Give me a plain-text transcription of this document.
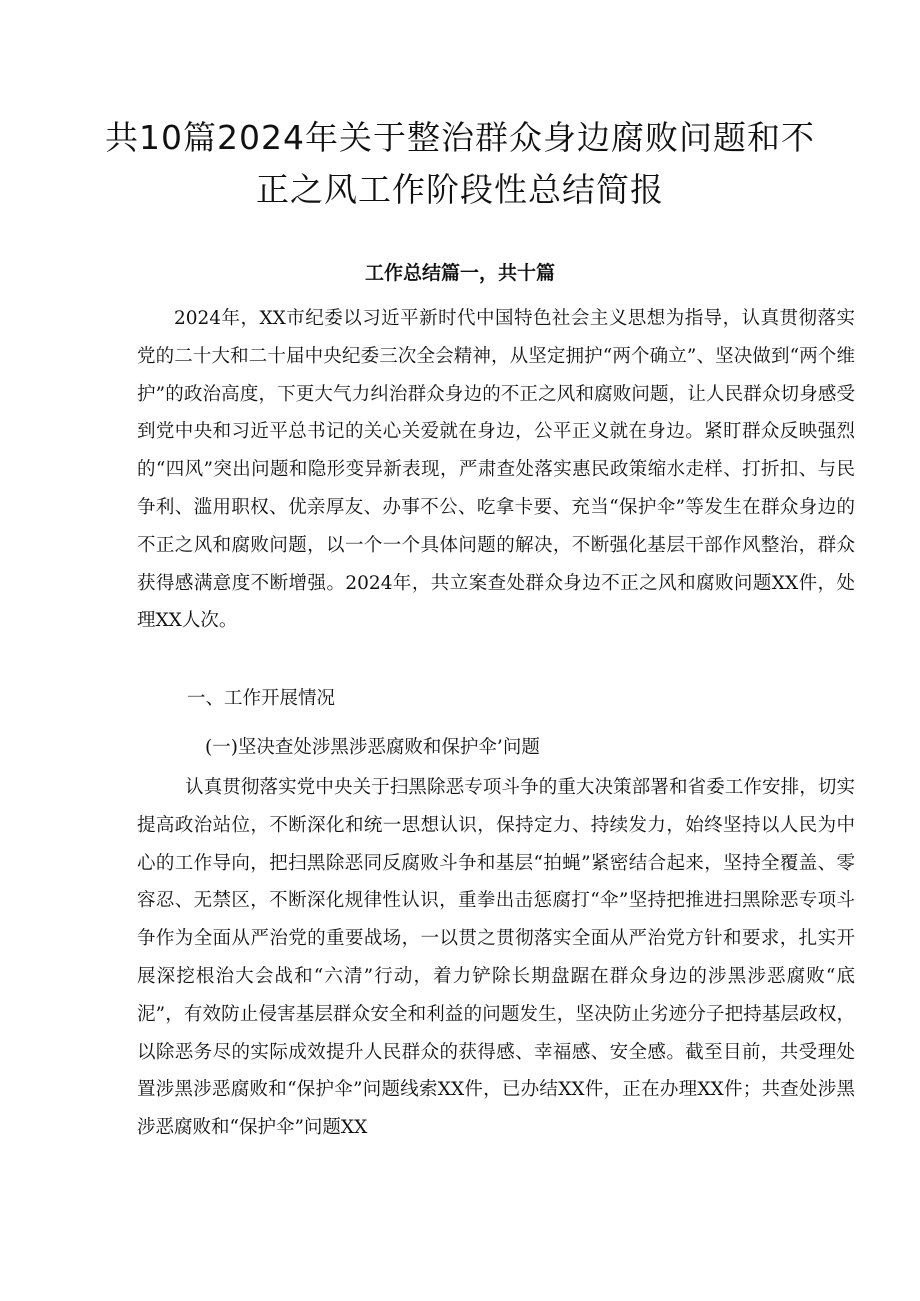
共10篇2024年关于整治群众身边腐败问题和不正之风工作阶段性总结简报

工作总结篇一，共十篇

2024年，XX市纪委以习近平新时代中国特色社会主义思想为指导，认真贯彻落实党的二十大和二十届中央纪委三次全会精神，从坚定拥护“两个确立”、坚决做到“两个维护”的政治高度，下更大气力纠治群众身边的不正之风和腐败问题，让人民群众切身感受到党中央和习近平总书记的关心关爱就在身边，公平正义就在身边。紧盯群众反映强烈的“四风”突出问题和隐形变异新表现，严肃查处落实惠民政策缩水走样、打折扣、与民争利、滥用职权、优亲厚友、办事不公、吃拿卡要、充当“保护伞”等发生在群众身边的不正之风和腐败问题，以一个一个具体问题的解决，不断强化基层干部作风整治，群众获得感满意度不断增强。2024年，共立案查处群众身边不正之风和腐败问题XX件，处理XX人次。

一、工作开展情况

(一)坚决查处涉黑涉恶腐败和保护伞’问题

认真贯彻落实党中央关于扫黑除恶专项斗争的重大决策部署和省委工作安排，切实提高政治站位，不断深化和统一思想认识，保持定力、持续发力，始终坚持以人民为中心的工作导向，把扫黑除恶同反腐败斗争和基层“拍蝇”紧密结合起来，坚持全覆盖、零容忍、无禁区，不断深化规律性认识，重拳出击惩腐打“伞”坚持把推进扫黑除恶专项斗争作为全面从严治党的重要战场，一以贯之贯彻落实全面从严治党方针和要求，扎实开展深挖根治大会战和“六清”行动，着力铲除长期盘踞在群众身边的涉黑涉恶腐败“底泥”，有效防止侵害基层群众安全和利益的问题发生，坚决防止劣迹分子把持基层政权，以除恶务尽的实际成效提升人民群众的获得感、幸福感、安全感。截至目前，共受理处置涉黑涉恶腐败和“保护伞”问题线索XX件，已办结XX件，正在办理XX件；共查处涉黑涉恶腐败和“保护伞”问题XX
